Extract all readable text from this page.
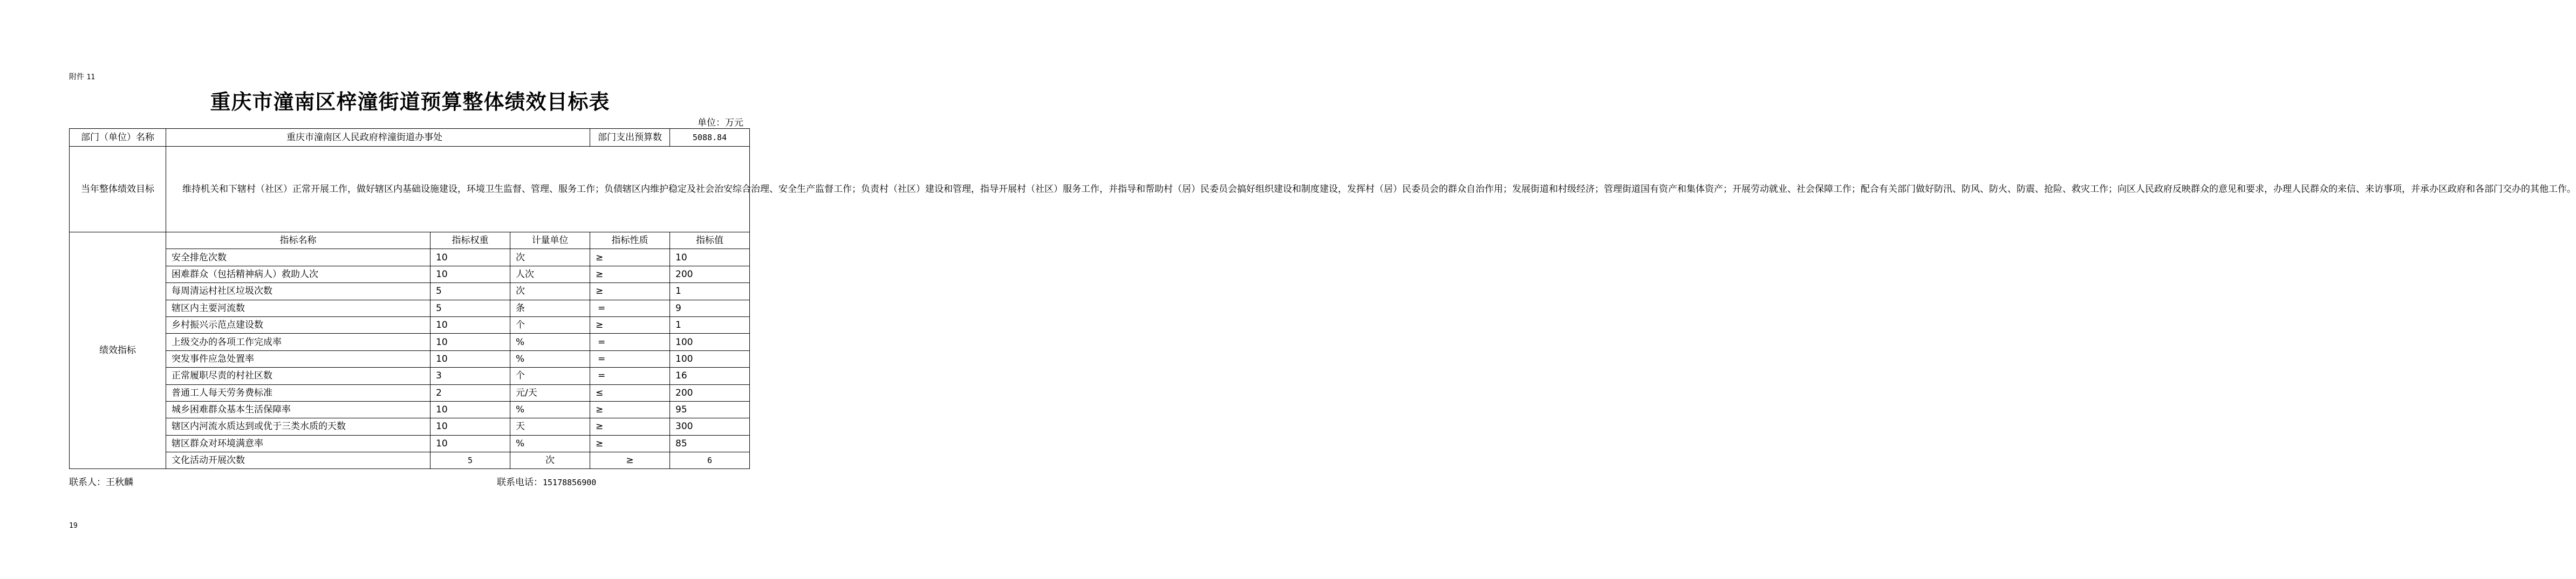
附件 11
重庆市潼南区梓潼街道预算整体绩效目标表
单位：万元
部门（单位）名称	重庆市潼南区人民政府梓潼街道办事处			部门支出预算数	5088.84
当年整体绩效目标	维持机关和下辖村（社区）正常开展工作，做好辖区内基础设施建设，环境卫生监督、管理、服务工作；负债辖区内维护稳定及社会治安综合治理、安全生产监督工作；负责村（社区）建设和管理，指导开展村（社区）服务工作，并指导和帮助村（居）民委员会搞好组织建设和制度建设，发挥村（居）民委员会的群众自治作用；发展街道和村级经济；管理街道国有资产和集体资产；开展劳动就业、社会保障工作；配合有关部门做好防汛、防风、防火、防震、抢险、救灾工作；向区人民政府反映群众的意见和要求，办理人民群众的来信、来访事项，并承办区政府和各部门交办的其他工作。				
绩效指标	指标名称	指标权重	计量单位	指标性质	指标值
	安全排危次数	10	次	≥	10
	困难群众（包括精神病人）救助人次	10	人次	≥	200
	每周清运村社区垃圾次数	5	次	≥	1
	辖区内主要河流数	5	条	=	9
	乡村振兴示范点建设数	10	个	≥	1
	上级交办的各项工作完成率	10	%	=	100
	突发事件应急处置率	10	%	=	100
	正常履职尽责的村社区数	3	个	=	16
	普通工人每天劳务费标准	2	元/天	≤	200
	城乡困难群众基本生活保障率	10	%	≥	95
	辖区内河流水质达到或优于三类水质的天数	10	天	≥	300
	辖区群众对环境满意率	10	%	≥	85
	文化活动开展次数	5	次	≥	6
联系人：王秋麟	联系电话：15178856900
19
